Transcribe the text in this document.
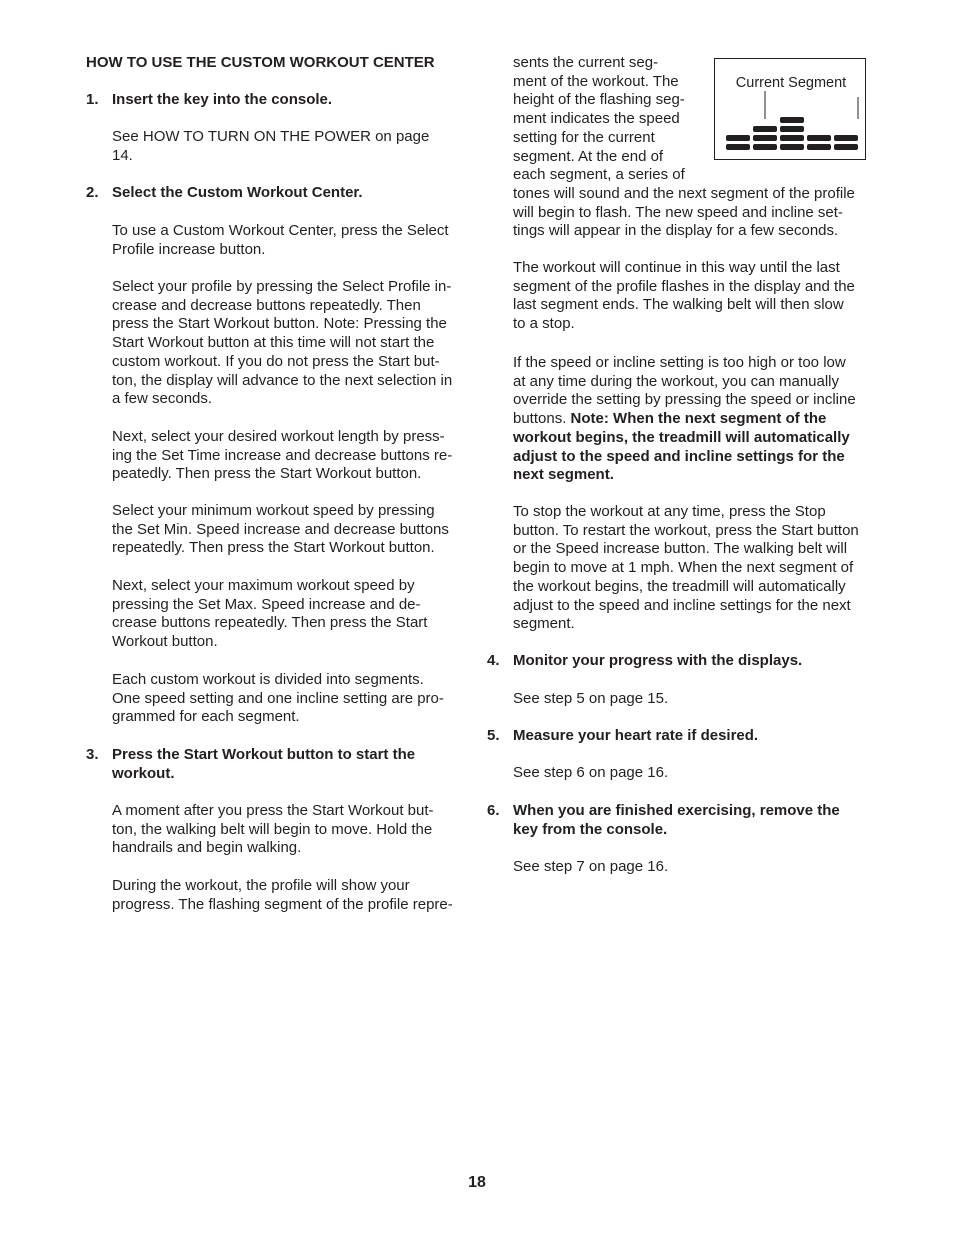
HOW TO USE THE CUSTOM WORKOUT CENTER
1. Insert the key into the console.
See HOW TO TURN ON THE POWER on page
14.
2. Select the Custom Workout Center.
To use a Custom Workout Center, press the Select
Profile increase button.
Select your profile by pressing the Select Profile in-
crease and decrease buttons repeatedly. Then
press the Start Workout button. Note: Pressing the
Start Workout button at this time will not start the
custom workout. If you do not press the Start but-
ton, the display will advance to the next selection in
a few seconds.
Next, select your desired workout length by press-
ing the Set Time increase and decrease buttons re-
peatedly. Then press the Start Workout button.
Select your minimum workout speed by pressing
the Set Min. Speed increase and decrease buttons
repeatedly. Then press the Start Workout button.
Next, select your maximum workout speed by
pressing the Set Max. Speed increase and de-
crease buttons repeatedly. Then press the Start
Workout button.
Each custom workout is divided into segments.
One speed setting and one incline setting are pro-
grammed for each segment.
3. Press the Start Workout button to start the
workout.
A moment after you press the Start Workout but-
ton, the walking belt will begin to move. Hold the
handrails and begin walking.
During the workout, the profile will show your
progress. The flashing segment of the profile repre-
sents the current seg-
ment of the workout. The
height of the flashing seg-
ment indicates the speed
setting for the current
segment. At the end of
each segment, a series of
tones will sound and the next segment of the profile
will begin to flash. The new speed and incline set-
tings will appear in the display for a few seconds.
Current Segment
The workout will continue in this way until the last
segment of the profile flashes in the display and the
last segment ends. The walking belt will then slow
to a stop.
If the speed or incline setting is too high or too low
at any time during the workout, you can manually
override the setting by pressing the speed or incline
buttons. Note: When the next segment of the
workout begins, the treadmill will automatically
adjust to the speed and incline settings for the
next segment.
To stop the workout at any time, press the Stop
button. To restart the workout, press the Start button
or the Speed increase button. The walking belt will
begin to move at 1 mph. When the next segment of
the workout begins, the treadmill will automatically
adjust to the speed and incline settings for the next
segment.
4. Monitor your progress with the displays.
See step 5 on page 15.
5. Measure your heart rate if desired.
See step 6 on page 16.
6. When you are finished exercising, remove the
key from the console.
See step 7 on page 16.
18
